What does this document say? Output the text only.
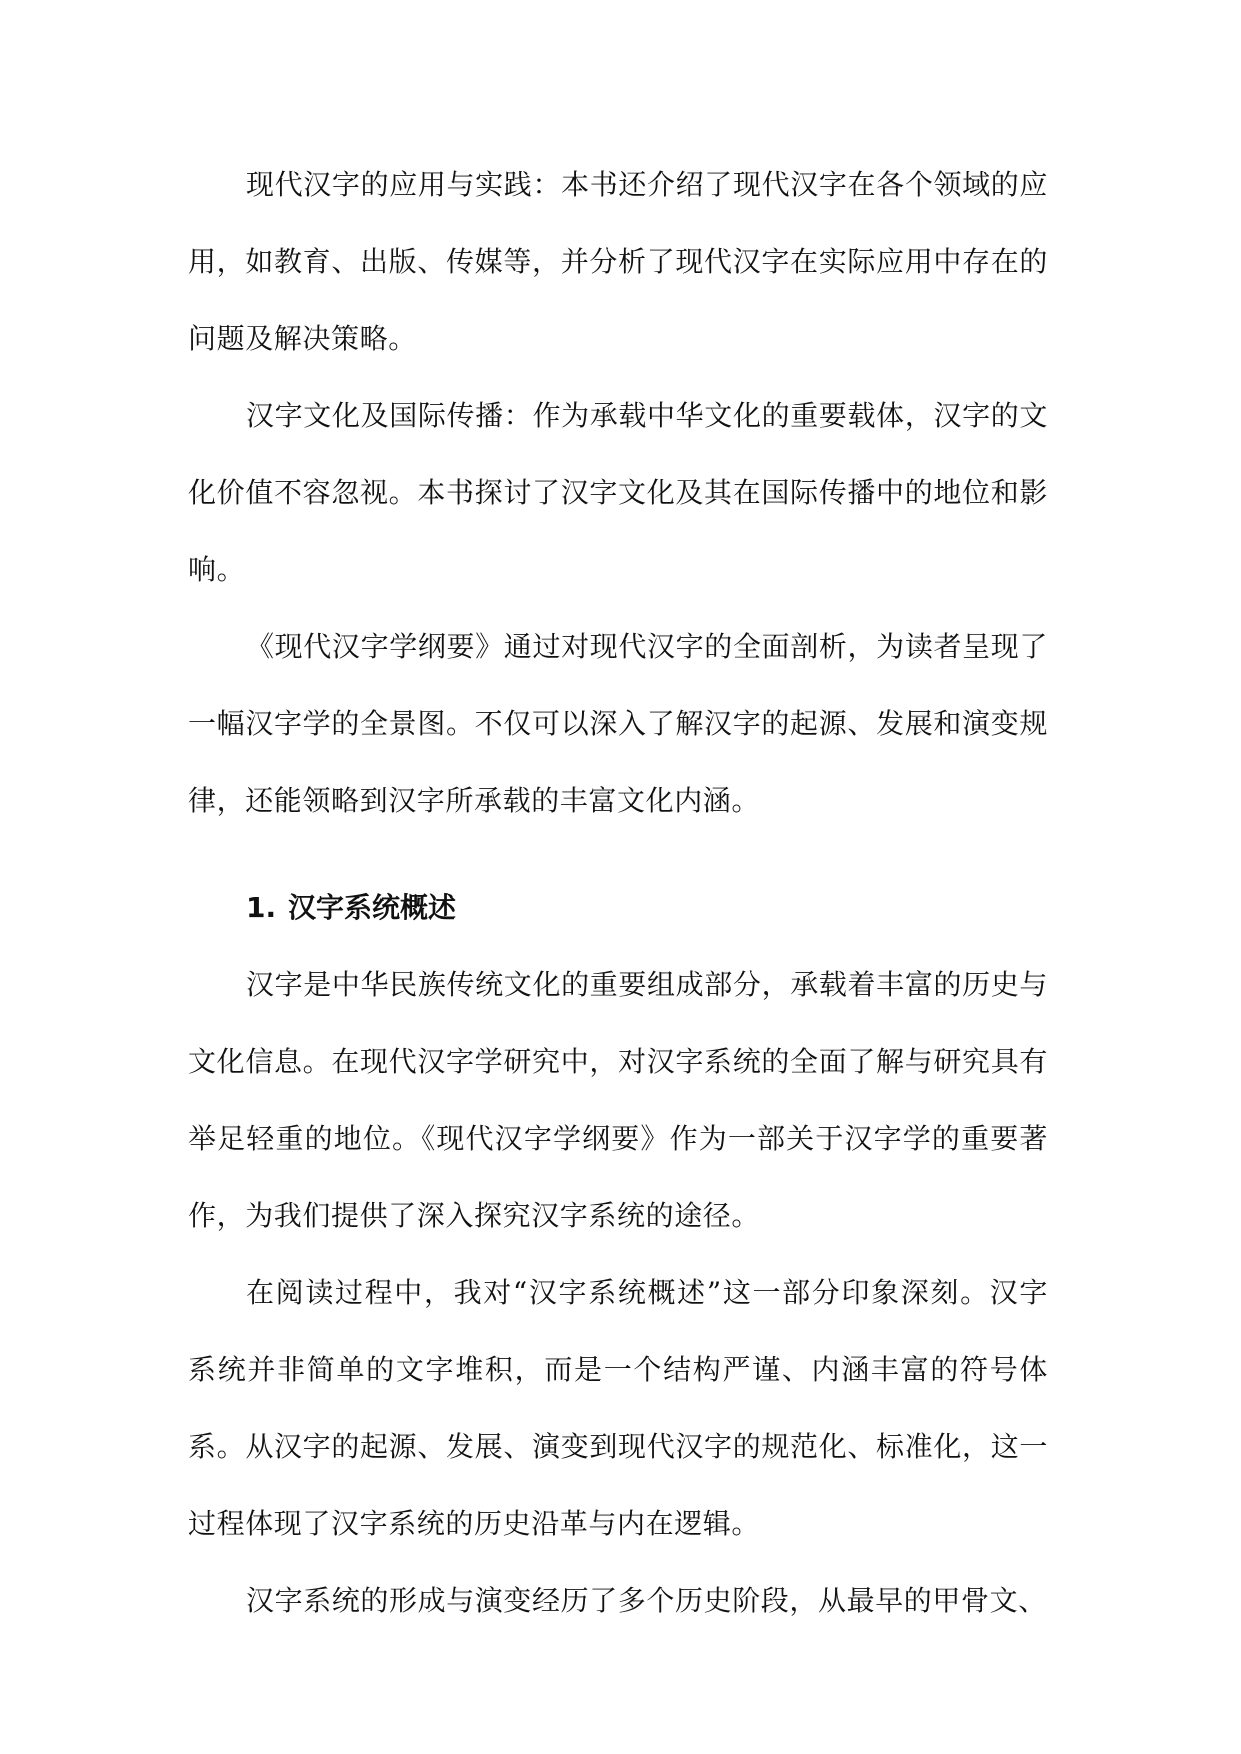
现代汉字的应用与实践：本书还介绍了现代汉字在各个领域的应用，如教育、出版、传媒等，并分析了现代汉字在实际应用中存在的问题及解决策略。

汉字文化及国际传播：作为承载中华文化的重要载体，汉字的文化价值不容忽视。本书探讨了汉字文化及其在国际传播中的地位和影响。

《现代汉字学纲要》通过对现代汉字的全面剖析，为读者呈现了一幅汉字学的全景图。不仅可以深入了解汉字的起源、发展和演变规律，还能领略到汉字所承载的丰富文化内涵。

1. 汉字系统概述

汉字是中华民族传统文化的重要组成部分，承载着丰富的历史与文化信息。在现代汉字学研究中，对汉字系统的全面了解与研究具有举足轻重的地位。《现代汉字学纲要》作为一部关于汉字学的重要著作，为我们提供了深入探究汉字系统的途径。

在阅读过程中，我对“汉字系统概述”这一部分印象深刻。汉字系统并非简单的文字堆积，而是一个结构严谨、内涵丰富的符号体系。从汉字的起源、发展、演变到现代汉字的规范化、标准化，这一过程体现了汉字系统的历史沿革与内在逻辑。

汉字系统的形成与演变经历了多个历史阶段，从最早的甲骨文、
